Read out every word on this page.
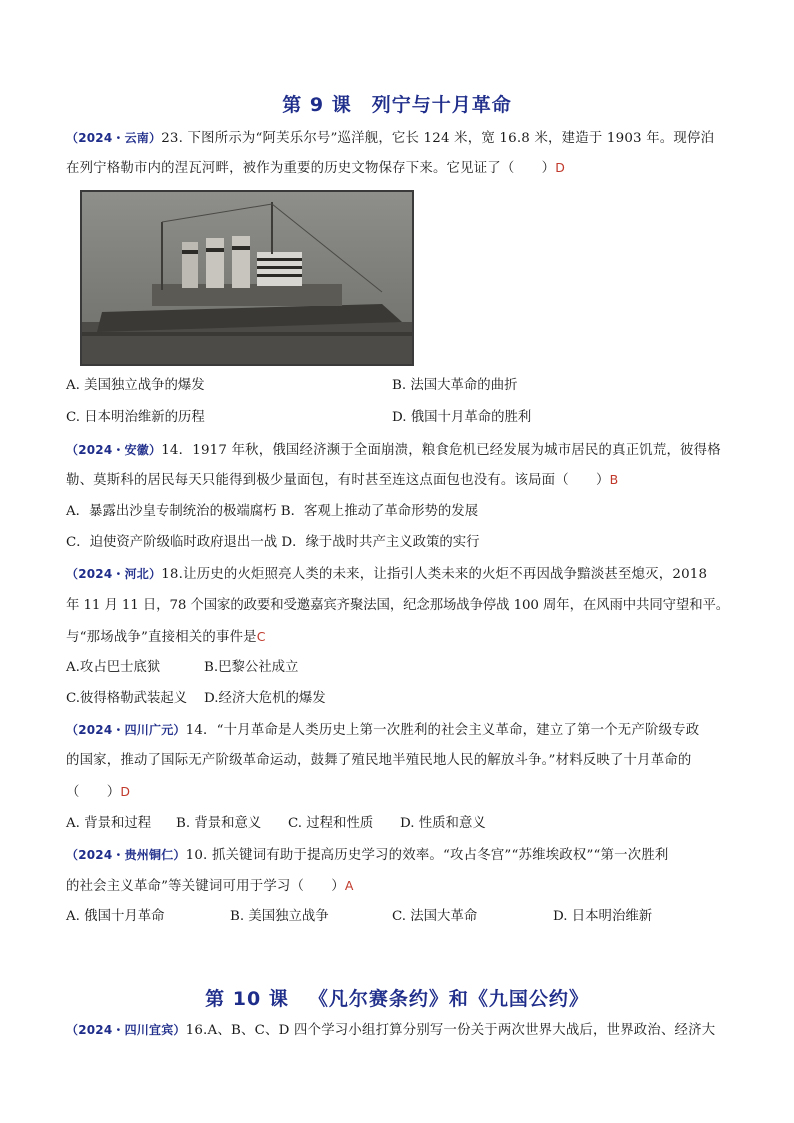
第 9 课 列宁与十月革命
（2024・云南）23. 下图所示为“阿芙乐尔号”巡洋舰，它长 124 米，宽 16.8 米，建造于 1903 年。现停泊
在列宁格勒市内的涅瓦河畔，被作为重要的历史文物保存下来。它见证了（　　）D
A. 美国独立战争的爆发	B. 法国大革命的曲折
C. 日本明治维新的历程	D. 俄国十月革命的胜利
（2024・安徽）14．1917 年秋，俄国经济濒于全面崩溃，粮食危机已经发展为城市居民的真正饥荒，彼得格
勒、莫斯科的居民每天只能得到极少量面包，有时甚至连这点面包也没有。该局面（　　）B
A．暴露出沙皇专制统治的极端腐朽 B．客观上推动了革命形势的发展
C．迫使资产阶级临时政府退出一战 D．缘于战时共产主义政策的实行
（2024・河北）18.让历史的火炬照亮人类的未来，让指引人类未来的火炬不再因战争黯淡甚至熄灭，2018
年 11 月 11 日，78 个国家的政要和受邀嘉宾齐聚法国，纪念那场战争停战 100 周年，在风雨中共同守望和平。
与“那场战争”直接相关的事件是C
A.攻占巴士底狱	B.巴黎公社成立
C.彼得格勒武装起义 D.经济大危机的爆发
（2024・四川广元）14．“十月革命是人类历史上第一次胜利的社会主义革命，建立了第一个无产阶级专政
的国家，推动了国际无产阶级革命运动，鼓舞了殖民地半殖民地人民的解放斗争。”材料反映了十月革命的
（　　）D
A. 背景和过程 B. 背景和意义 C. 过程和性质 D. 性质和意义
（2024・贵州铜仁）10. 抓关键词有助于提高历史学习的效率。“攻占冬宫”“苏维埃政权”“第一次胜利
的社会主义革命”等关键词可用于学习（　　）A
A. 俄国十月革命	B. 美国独立战争	C. 法国大革命	D. 日本明治维新
第 10 课 《凡尔赛条约》和《九国公约》
（2024・四川宜宾）16.A、B、C、D 四个学习小组打算分别写一份关于两次世界大战后，世界政治、经济大
